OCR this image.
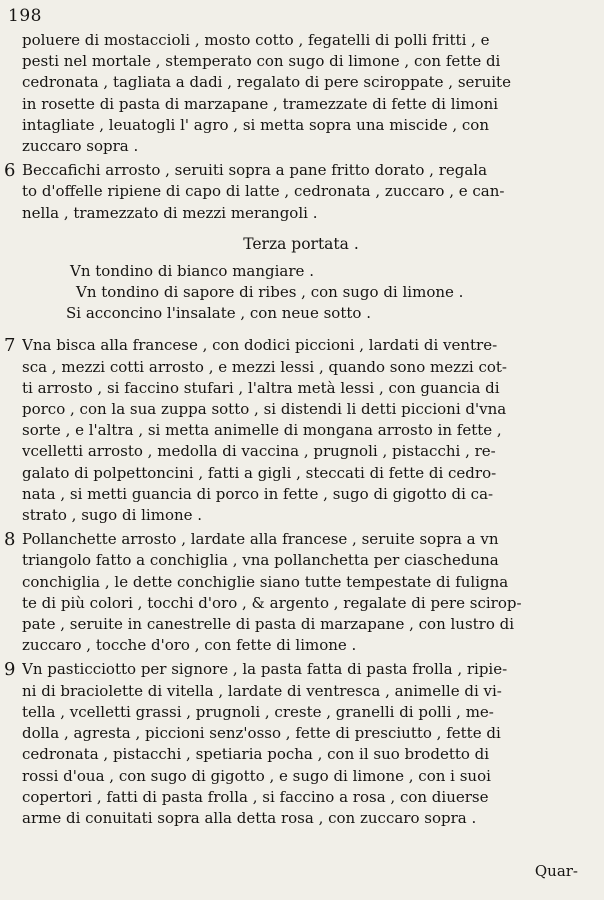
198
poluere di mostaccioli , mosto cotto , fegatelli di polli fritti , e
pesti nel mortale , stemperato con sugo di limone , con fette di
cedronata , tagliata a dadi , regalato di pere sciroppate , seruite
in rosette di pasta di marzapane , tramezzate di fette di limoni
intagliate , leuatogli l' agro , si metta sopra una miscide , con
zuccaro sopra .
6 Beccafichi arrosto , seruiti sopra a pane fritto dorato , regala
to d'offelle ripiene di capo di latte , cedronata , zuccaro , e can-
nella , tramezzato di mezzi merangoli .
Terza portata .
Vn tondino di bianco mangiare .
Vn tondino di sapore di ribes , con sugo di limone .
Si acconcino l'insalate , con neue sotto .
7 Vna bisca alla francese , con dodici piccioni , lardati di ventre-
sca , mezzi cotti arrosto , e mezzi lessi , quando sono mezzi cot-
ti arrosto , si faccino stufari , l'altra metà lessi , con guancia di
porco , con la sua zuppa sotto , si distendi li detti piccioni d'vna
sorte , e l'altra , si metta animelle di mongana arrosto in fette ,
vcelletti arrosto , medolla di vaccina , prugnoli , pistacchi , re-
galato di polpettoncini , fatti a gigli , steccati di fette di cedro-
nata , si metti guancia di porco in fette , sugo di gigotto di ca-
strato , sugo di limone .
8 Pollanchette arrosto , lardate alla francese , seruite sopra a vn
triangolo fatto a conchiglia , vna pollanchetta per ciascheduna
conchiglia , le dette conchiglie siano tutte tempestate di fuligna
te di più colori , tocchi d'oro , & argento , regalate di pere scirop-
pate , seruite in canestrelle di pasta di marzapane , con lustro di
zuccaro , tocche d'oro , con fette di limone .
9 Vn pasticciotto per signore , la pasta fatta di pasta frolla , ripie-
ni di braciolette di vitella , lardate di ventresca , animelle di vi-
tella , vcelletti grassi , prugnoli , creste , granelli di polli , me-
dolla , agresta , piccioni senz'osso , fette di presciutto , fette di
cedronata , pistacchi , spetiaria pocha , con il suo brodetto di
rossi d'oua , con sugo di gigotto , e sugo di limone , con i suoi
copertori , fatti di pasta frolla , si faccino a rosa , con diuerse
arme di conuitati sopra alla detta rosa , con zuccaro sopra .
Quar-
